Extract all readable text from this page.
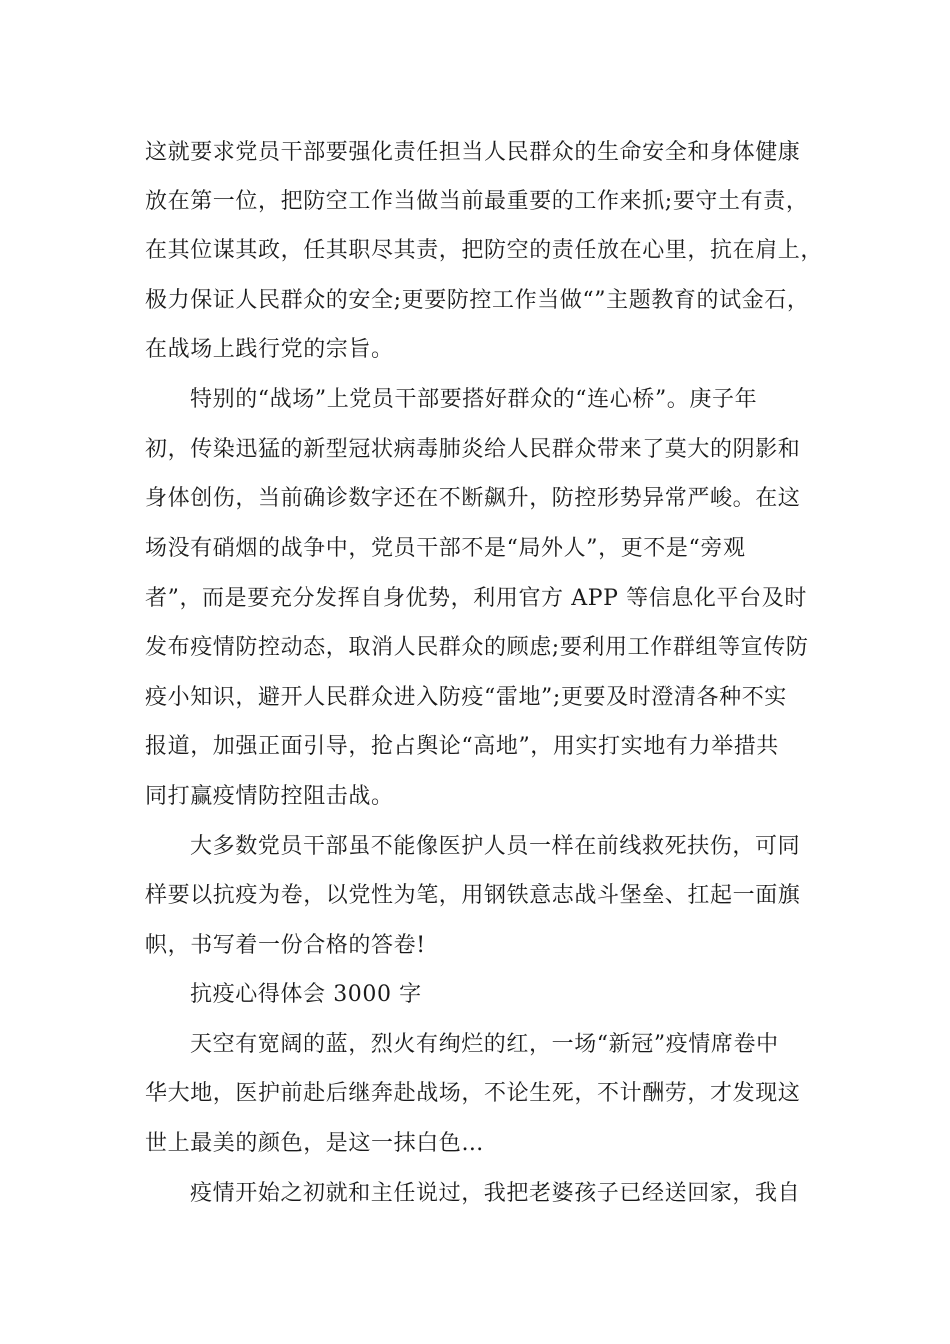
这就要求党员干部要强化责任担当人民群众的生命安全和身体健康
放在第一位，把防空工作当做当前最重要的工作来抓;要守土有责，
在其位谋其政，任其职尽其责，把防空的责任放在心里，抗在肩上，
极力保证人民群众的安全;更要防控工作当做“”主题教育的试金石，
在战场上践行党的宗旨。
特别的“战场”上党员干部要搭好群众的“连心桥”。庚子年
初，传染迅猛的新型冠状病毒肺炎给人民群众带来了莫大的阴影和
身体创伤，当前确诊数字还在不断飙升，防控形势异常严峻。在这
场没有硝烟的战争中，党员干部不是“局外人”，更不是“旁观
者”，而是要充分发挥自身优势，利用官方 APP 等信息化平台及时
发布疫情防控动态，取消人民群众的顾虑;要利用工作群组等宣传防
疫小知识，避开人民群众进入防疫“雷地”;更要及时澄清各种不实
报道，加强正面引导，抢占舆论“高地”，用实打实地有力举措共
同打赢疫情防控阻击战。
大多数党员干部虽不能像医护人员一样在前线救死扶伤，可同
样要以抗疫为卷，以党性为笔，用钢铁意志战斗堡垒、扛起一面旗
帜，书写着一份合格的答卷!
抗疫心得体会 3000 字
天空有宽阔的蓝，烈火有绚烂的红，一场“新冠”疫情席卷中
华大地，医护前赴后继奔赴战场，不论生死，不计酬劳，才发现这
世上最美的颜色，是这一抹白色…
疫情开始之初就和主任说过，我把老婆孩子已经送回家，我自
